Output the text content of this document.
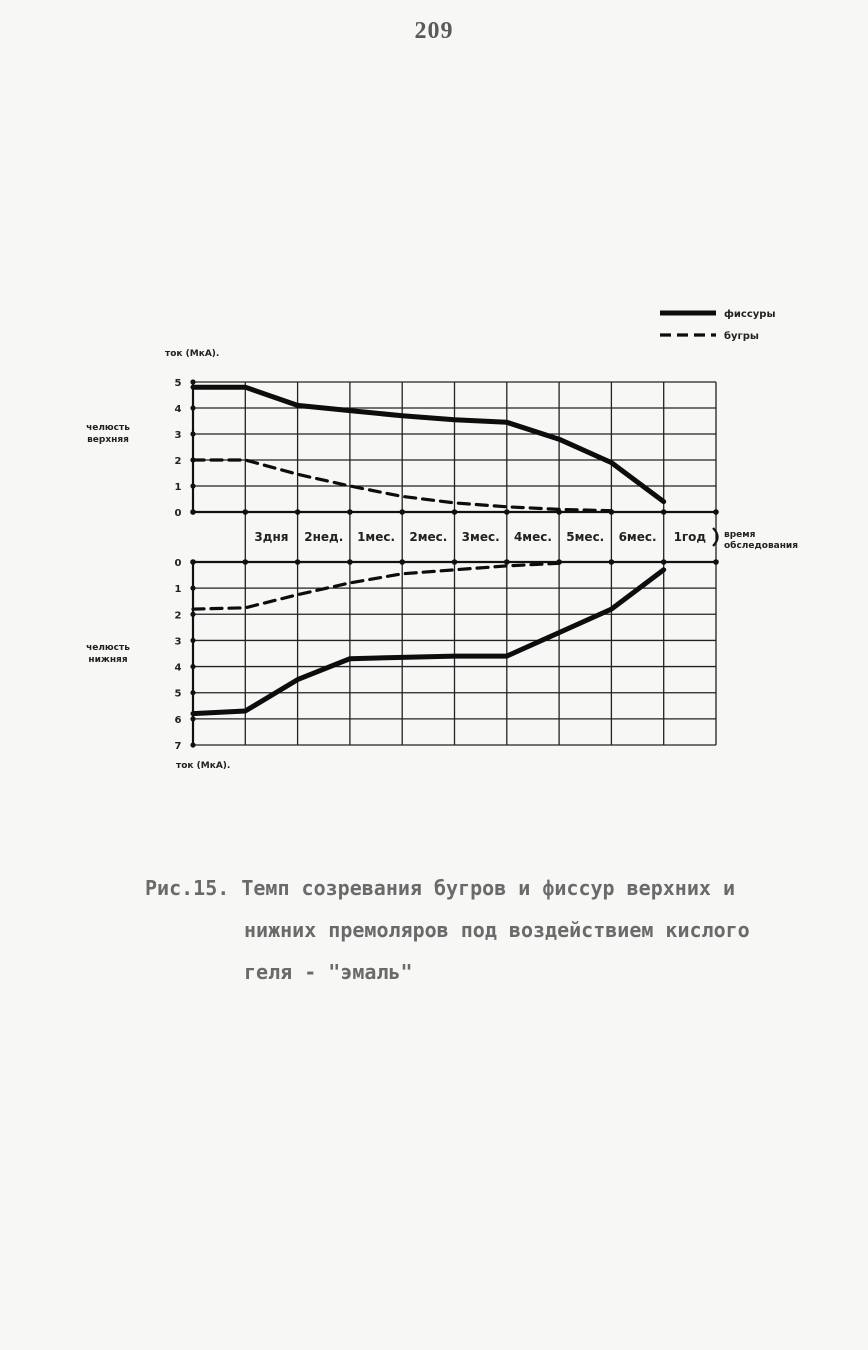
209
0
1
2
3
4
5
0
1
2
3
4
5
6
7
ток (МкА).
ток (МкА).
челюсть
верхняя
челюсть
нижняя
3дня 2нед. 1мес. 2мес. 3мес. 4мес. 5мес. 6мес. 1год время
обследования
фиссуры
бугры
Рис.15. Темп созревания бугров и фисcур верхних и
нижних премоляров под воздействием кислого
геля - "эмаль"
